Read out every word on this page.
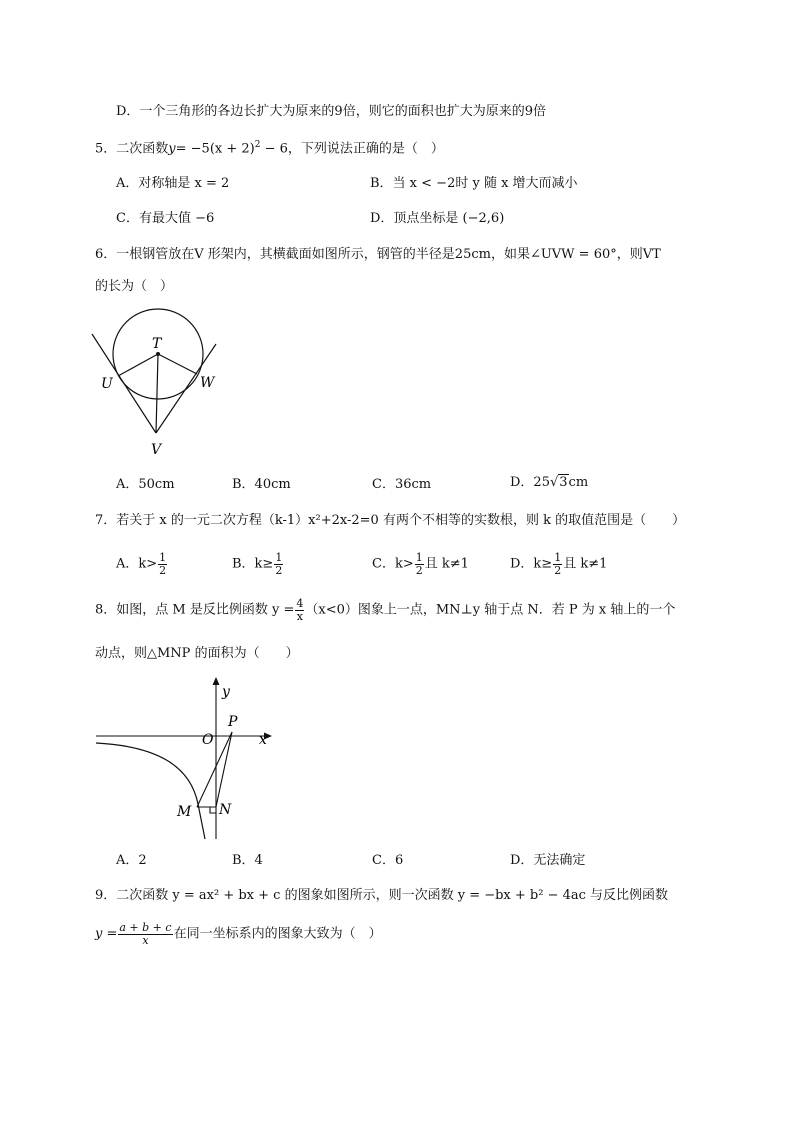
D．一个三角形的各边长扩大为原来的9倍，则它的面积也扩大为原来的9倍
5．二次函数$y= -5(x + 2)^2 - 6$，下列说法正确的是（　）
A．对称轴是 x = 2	B．当 x < −2时 y 随 x 增大而减小
C．有最大值 −6	D．顶点坐标是 (−2,6)
6．一根钢管放在V 形架内，其横截面如图所示，钢管的半径是25cm，如果∠UVW = 60°，则VT
的长为（　）
T
U	W
V
A．50cm	B．40cm	C．36cm	D．25√3cm
7．若关于 x 的一元二次方程（k-1）x²+2x-2=0 有两个不相等的实数根，则 k 的取值范围是（　　）
A．$k> \frac{1}{2}$	B．$k\ge \frac{1}{2}$	C．$k> \frac{1}{2}$ 且 k≠1	D．$k\ge \frac{1}{2}$ 且 k≠1
8．如图，点 M 是反比例函数 $y = \frac{4}{x} (x<0)$图象上一点，MN⊥y 轴于点 N．若 P 为 x 轴上的一个
动点，则△MNP 的面积为（　　）
y
x
O
P
M N
A．2	B．4	C．6	D．无法确定
9．二次函数 y = ax² + bx + c 的图象如图所示，则一次函数 y = −bx + b² − 4ac 与反比例函数
$y = \frac{a + b + c}{x}$ 在同一坐标系内的图象大致为（　）
